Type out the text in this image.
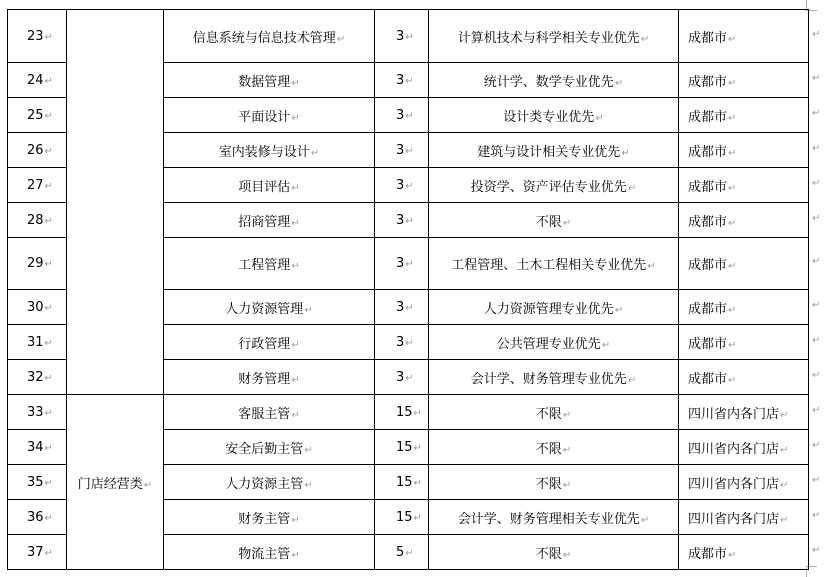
23↵		信息系统与信息技术管理↵	3↵	计算机技术与科学相关专业优先↵	成都市↵
24↵		数据管理↵	3↵	统计学、数学专业优先↵	成都市↵
25↵		平面设计↵	3↵	设计类专业优先↵	成都市↵
26↵		室内装修与设计↵	3↵	建筑与设计相关专业优先↵	成都市↵
27↵		项目评估↵	3↵	投资学、资产评估专业优先↵	成都市↵
28↵		招商管理↵	3↵	不限↵	成都市↵
29↵		工程管理↵	3↵	工程管理、土木工程相关专业优先↵	成都市↵
30↵		人力资源管理↵	3↵	人力资源管理专业优先↵	成都市↵
31↵		行政管理↵	3↵	公共管理专业优先↵	成都市↵
32↵		财务管理↵	3↵	会计学、财务管理专业优先↵	成都市↵
33↵	门店经营类↵	客服主管↵	15↵	不限↵	四川省内各门店↵
34↵		安全后勤主管↵	15↵	不限↵	四川省内各门店↵
35↵		人力资源主管↵	15↵	不限↵	四川省内各门店↵
36↵		财务主管↵	15↵	会计学、财务管理相关专业优先↵	四川省内各门店↵
37↵		物流主管↵	5↵	不限↵	成都市↵
↵
↵
↵
↵
↵
↵
↵
↵
↵
↵
↵
↵
↵
↵
↵
